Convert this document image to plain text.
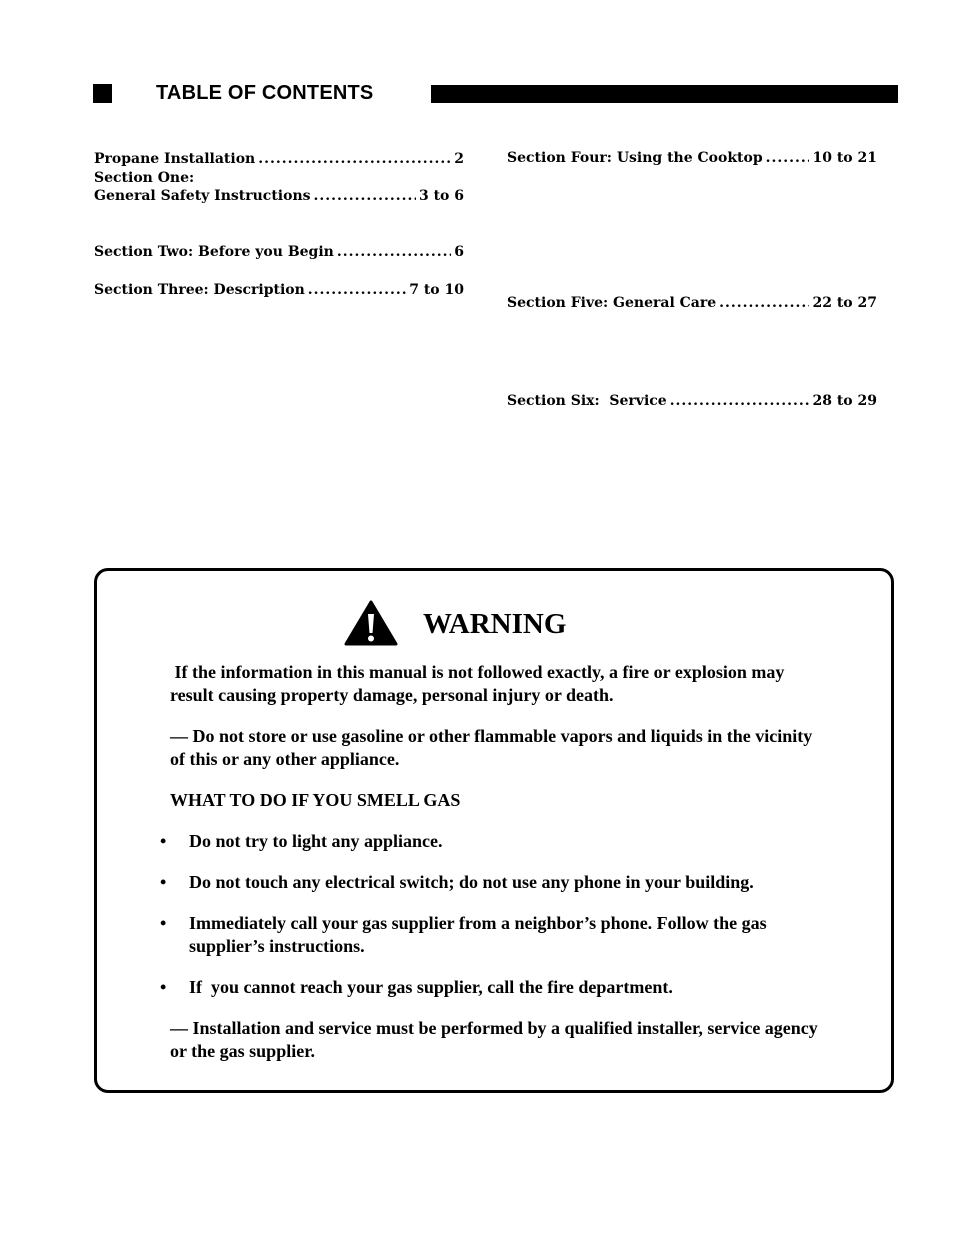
TABLE OF CONTENTS
Propane Installation .....	2
Section One:
General Safety Instructions .....	3 to 6
Section Two: Before you Begin .....	6
Section Three: Description .....	7 to 10
Section Four: Using the Cooktop .....	10 to 21
Section Five: General Care .....	22 to 27
Section Six:  Service .....	28 to 29
WARNING
If the information in this manual is not followed exactly, a fire or explosion may result causing property damage, personal injury or death.
— Do not store or use gasoline or other flammable vapors and liquids in the vicinity of this or any other appliance.
WHAT TO DO IF YOU SMELL GAS
• Do not try to light any appliance.
• Do not touch any electrical switch; do not use any phone in your building.
• Immediately call your gas supplier from a neighbor’s phone. Follow the gas supplier’s instructions.
• If  you cannot reach your gas supplier, call the fire department.
— Installation and service must be performed by a qualified installer, service agency or the gas supplier.
